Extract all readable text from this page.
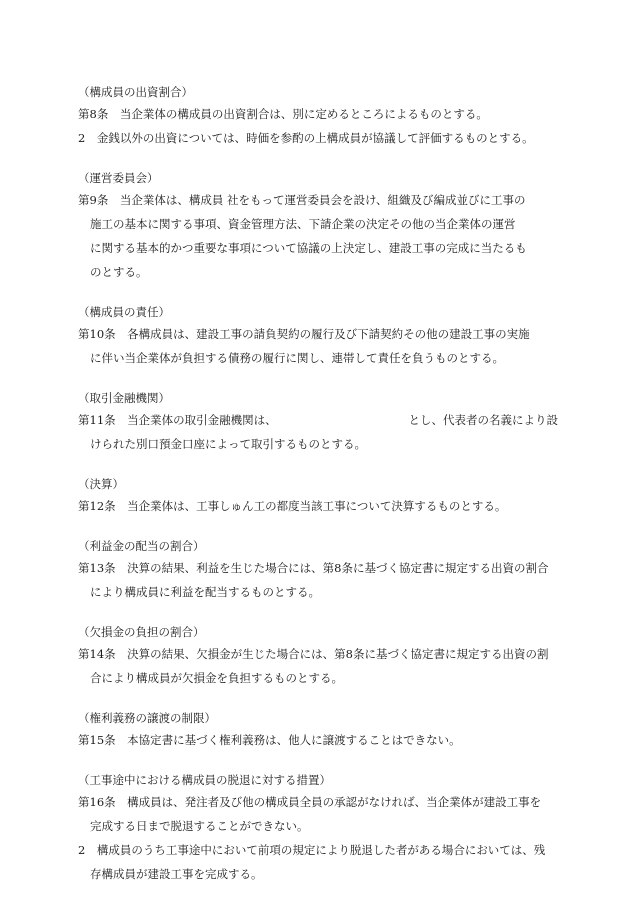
（構成員の出資割合）
第8条　当企業体の構成員の出資割合は、別に定めるところによるものとする。
2　金銭以外の出資については、時価を参酌の上構成員が協議して評価するものとする。
（運営委員会）
第9条　当企業体は、構成員 社をもって運営委員会を設け、組織及び編成並びに工事の
施工の基本に関する事項、資金管理方法、下請企業の決定その他の当企業体の運営
に関する基本的かつ重要な事項について協議の上決定し、建設工事の完成に当たるも
のとする。
（構成員の責任）
第10条　各構成員は、建設工事の請負契約の履行及び下請契約その他の建設工事の実施
に伴い当企業体が負担する債務の履行に関し、連帯して責任を負うものとする。
（取引金融機関）
第11条　当企業体の取引金融機関は、	とし、代表者の名義により設
けられた別口預金口座によって取引するものとする。
（決算）
第12条　当企業体は、工事しゅん工の都度当該工事について決算するものとする。
（利益金の配当の割合）
第13条　決算の結果、利益を生じた場合には、第8条に基づく協定書に規定する出資の割合
により構成員に利益を配当するものとする。
（欠損金の負担の割合）
第14条　決算の結果、欠損金が生じた場合には、第8条に基づく協定書に規定する出資の割
合により構成員が欠損金を負担するものとする。
（権利義務の譲渡の制限）
第15条　本協定書に基づく権利義務は、他人に譲渡することはできない。
（工事途中における構成員の脱退に対する措置）
第16条　構成員は、発注者及び他の構成員全員の承認がなければ、当企業体が建設工事を
完成する日まで脱退することができない。
2　構成員のうち工事途中において前項の規定により脱退した者がある場合においては、残
存構成員が建設工事を完成する。
